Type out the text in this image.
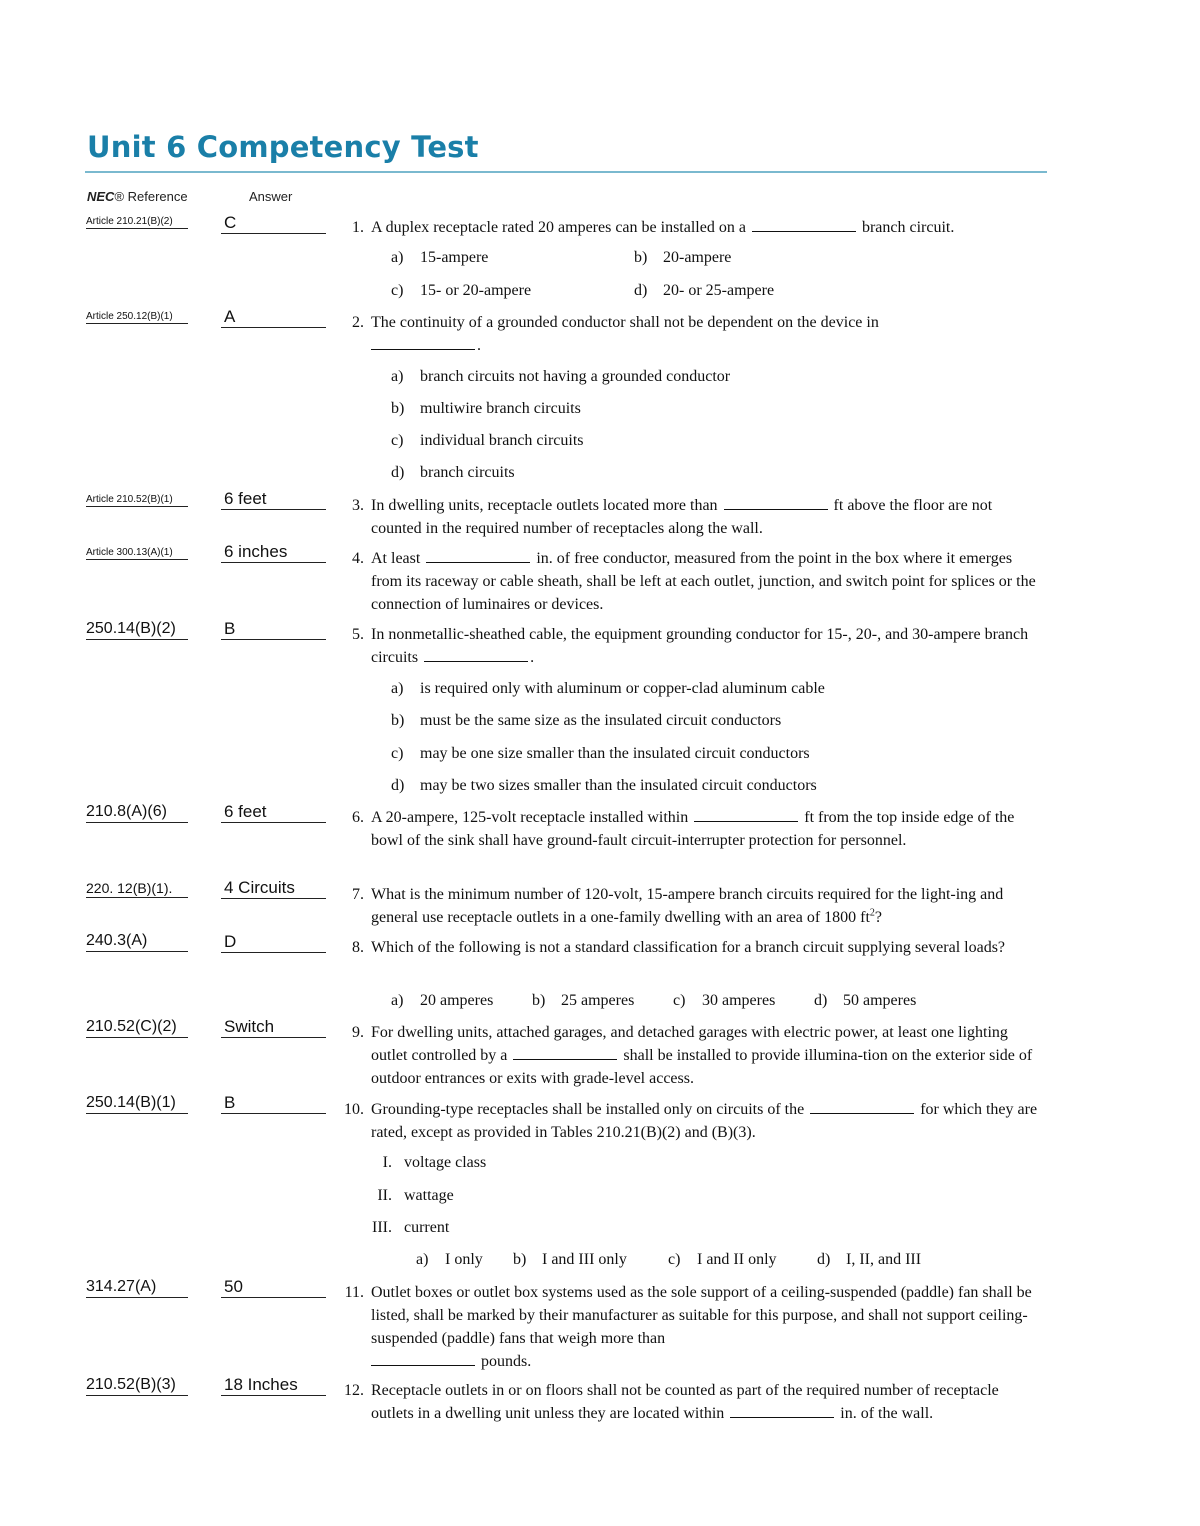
Unit 6 Competency Test
NEC® Reference	Answer
Article 210.21(B)(2)	C	1. A duplex receptacle rated 20 amperes can be installed on a	branch circuit.
a) 15-ampere	b) 20-ampere
c) 15- or 20-ampere	d) 20- or 25-ampere
Article 250.12(B)(1)	A	2. The continuity of a grounded conductor shall not be dependent on the device in
.
a) branch circuits not having a grounded conductor
b) multiwire branch circuits
c) individual branch circuits
d) branch circuits
Article 210.52(B)(1)	6 feet	3. In dwelling units, receptacle outlets located more than	ft above the floor are not counted in the required number of receptacles along the wall.
Article 300.13(A)(1)	6 inches	4. At least	in. of free conductor, measured from the point in the box where it emerges from its raceway or cable sheath, shall be left at each outlet, junction, and switch point for splices or the connection of luminaires or devices.
250.14(B)(2)	B	5. In nonmetallic-sheathed cable, the equipment grounding conductor for 15-, 20-, and 30-ampere branch circuits	.
a) is required only with aluminum or copper-clad aluminum cable
b) must be the same size as the insulated circuit conductors
c) may be one size smaller than the insulated circuit conductors
d) may be two sizes smaller than the insulated circuit conductors
210.8(A)(6)	6 feet	6. A 20-ampere, 125-volt receptacle installed within	ft from the top inside edge of the bowl of the sink shall have ground-fault circuit-interrupter protection for personnel.
220. 12(B)(1).	4 Circuits	7. What is the minimum number of 120-volt, 15-ampere branch circuits required for the light-ing and general use receptacle outlets in a one-family dwelling with an area of 1800 $ft^2$?
240.3(A)	D	8. Which of the following is not a standard classification for a branch circuit supplying several loads?
a) 20 amperes b) 25 amperes c) 30 amperes d) 50 amperes
210.52(C)(2)	Switch	9. For dwelling units, attached garages, and detached garages with electric power, at least one lighting outlet controlled by a	shall be installed to provide illumina-tion on the exterior side of outdoor entrances or exits with grade-level access.
250.14(B)(1)	B	10. Grounding-type receptacles shall be installed only on circuits of the	for which they are rated, except as provided in Tables 210.21(B)(2) and (B)(3).
I. voltage class
II. wattage
III. current
a) I only b) I and III only	c) I and II only	d) I, II, and III
314.27(A)	50	11. Outlet boxes or outlet box systems used as the sole support of a ceiling-suspended (paddle) fan shall be listed, shall be marked by their manufacturer as suitable for this purpose, and shall not support ceiling-suspended (paddle) fans that weigh more than
pounds.
210.52(B)(3)	18 Inches	12. Receptacle outlets in or on floors shall not be counted as part of the required number of receptacle outlets in a dwelling unit unless they are located within	in. of the wall.
